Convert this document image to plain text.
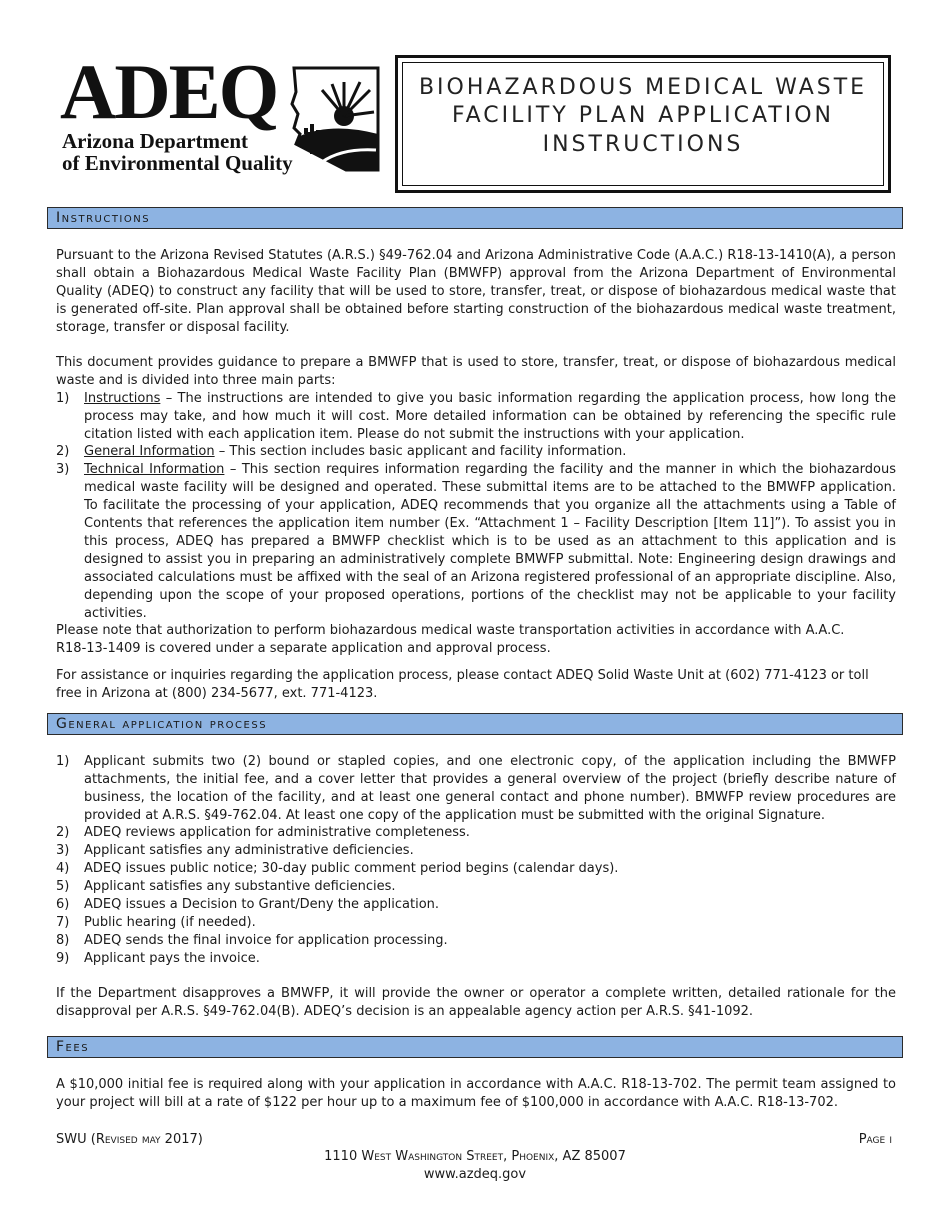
ADEQ
Arizona Department
of Environmental Quality
BIOHAZARDOUS MEDICAL WASTE
FACILITY PLAN APPLICATION
INSTRUCTIONS
Instructions
Pursuant to the Arizona Revised Statutes (A.R.S.) §49-762.04 and Arizona Administrative Code (A.A.C.) R18-13-1410(A), a person shall obtain a Biohazardous Medical Waste Facility Plan (BMWFP) approval from the Arizona Department of Environmental Quality (ADEQ) to construct any facility that will be used to store, transfer, treat, or dispose of biohazardous medical waste that is generated off-site. Plan approval shall be obtained before starting construction of the biohazardous medical waste treatment, storage, transfer or disposal facility.
This document provides guidance to prepare a BMWFP that is used to store, transfer, treat, or dispose of biohazardous medical waste and is divided into three main parts:
1) Instructions – The instructions are intended to give you basic information regarding the application process, how long the process may take, and how much it will cost. More detailed information can be obtained by referencing the specific rule citation listed with each application item. Please do not submit the instructions with your application.
2) General Information – This section includes basic applicant and facility information.
3) Technical Information – This section requires information regarding the facility and the manner in which the biohazardous medical waste facility will be designed and operated. These submittal items are to be attached to the BMWFP application. To facilitate the processing of your application, ADEQ recommends that you organize all the attachments using a Table of Contents that references the application item number (Ex. “Attachment 1 – Facility Description [Item 11]”). To assist you in this process, ADEQ has prepared a BMWFP checklist which is to be used as an attachment to this application and is designed to assist you in preparing an administratively complete BMWFP submittal. Note: Engineering design drawings and associated calculations must be affixed with the seal of an Arizona registered professional of an appropriate discipline. Also, depending upon the scope of your proposed operations, portions of the checklist may not be applicable to your facility activities.
Please note that authorization to perform biohazardous medical waste transportation activities in accordance with A.A.C.
R18-13-1409 is covered under a separate application and approval process.
For assistance or inquiries regarding the application process, please contact ADEQ Solid Waste Unit at (602) 771-4123 or toll free in Arizona at (800) 234-5677, ext. 771-4123.
General application process
1) Applicant submits two (2) bound or stapled copies, and one electronic copy, of the application including the BMWFP attachments, the initial fee, and a cover letter that provides a general overview of the project (briefly describe nature of business, the location of the facility, and at least one general contact and phone number). BMWFP review procedures are provided at A.R.S. §49-762.04. At least one copy of the application must be submitted with the original Signature.
2) ADEQ reviews application for administrative completeness.
3) Applicant satisfies any administrative deficiencies.
4) ADEQ issues public notice; 30-day public comment period begins (calendar days).
5) Applicant satisfies any substantive deficiencies.
6) ADEQ issues a Decision to Grant/Deny the application.
7) Public hearing (if needed).
8) ADEQ sends the final invoice for application processing.
9) Applicant pays the invoice.
If the Department disapproves a BMWFP, it will provide the owner or operator a complete written, detailed rationale for the disapproval per A.R.S. §49-762.04(B). ADEQ’s decision is an appealable agency action per A.R.S. §41-1092.
Fees
A $10,000 initial fee is required along with your application in accordance with A.A.C. R18-13-702. The permit team assigned to your project will bill at a rate of $122 per hour up to a maximum fee of $100,000 in accordance with A.A.C. R18-13-702.
SWU (Revised may 2017)	Page i
1110 West Washington Street, Phoenix, AZ 85007
www.azdeq.gov
